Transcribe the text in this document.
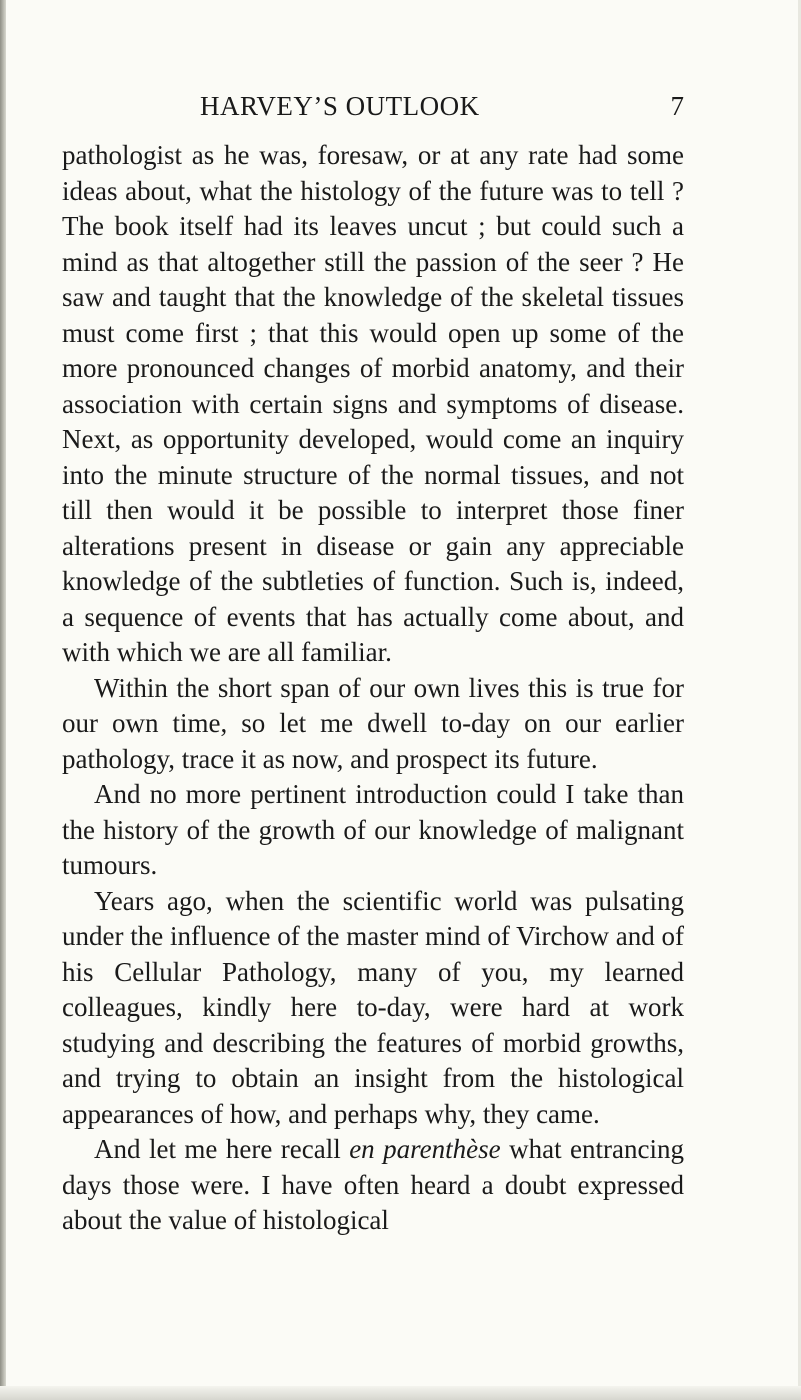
HARVEY’S OUTLOOK	7

pathologist as he was, foresaw, or at any rate had some ideas about, what the histology of the future was to tell ? The book itself had its leaves uncut ; but could such a mind as that altogether still the passion of the seer ? He saw and taught that the knowledge of the skeletal tissues must come first ; that this would open up some of the more pronounced changes of morbid anatomy, and their association with certain signs and symptoms of disease. Next, as opportunity developed, would come an inquiry into the minute structure of the normal tissues, and not till then would it be possible to interpret those finer alterations present in disease or gain any appreciable knowledge of the subtleties of function. Such is, indeed, a sequence of events that has actually come about, and with which we are all familiar.

Within the short span of our own lives this is true for our own time, so let me dwell to-day on our earlier pathology, trace it as now, and prospect its future.

And no more pertinent introduction could I take than the history of the growth of our knowledge of malignant tumours.

Years ago, when the scientific world was pulsating under the influence of the master mind of Virchow and of his Cellular Pathology, many of you, my learned colleagues, kindly here to-day, were hard at work studying and describing the features of morbid growths, and trying to obtain an insight from the histological appearances of how, and perhaps why, they came.

And let me here recall en parenthèse what entrancing days those were. I have often heard a doubt expressed about the value of histological
